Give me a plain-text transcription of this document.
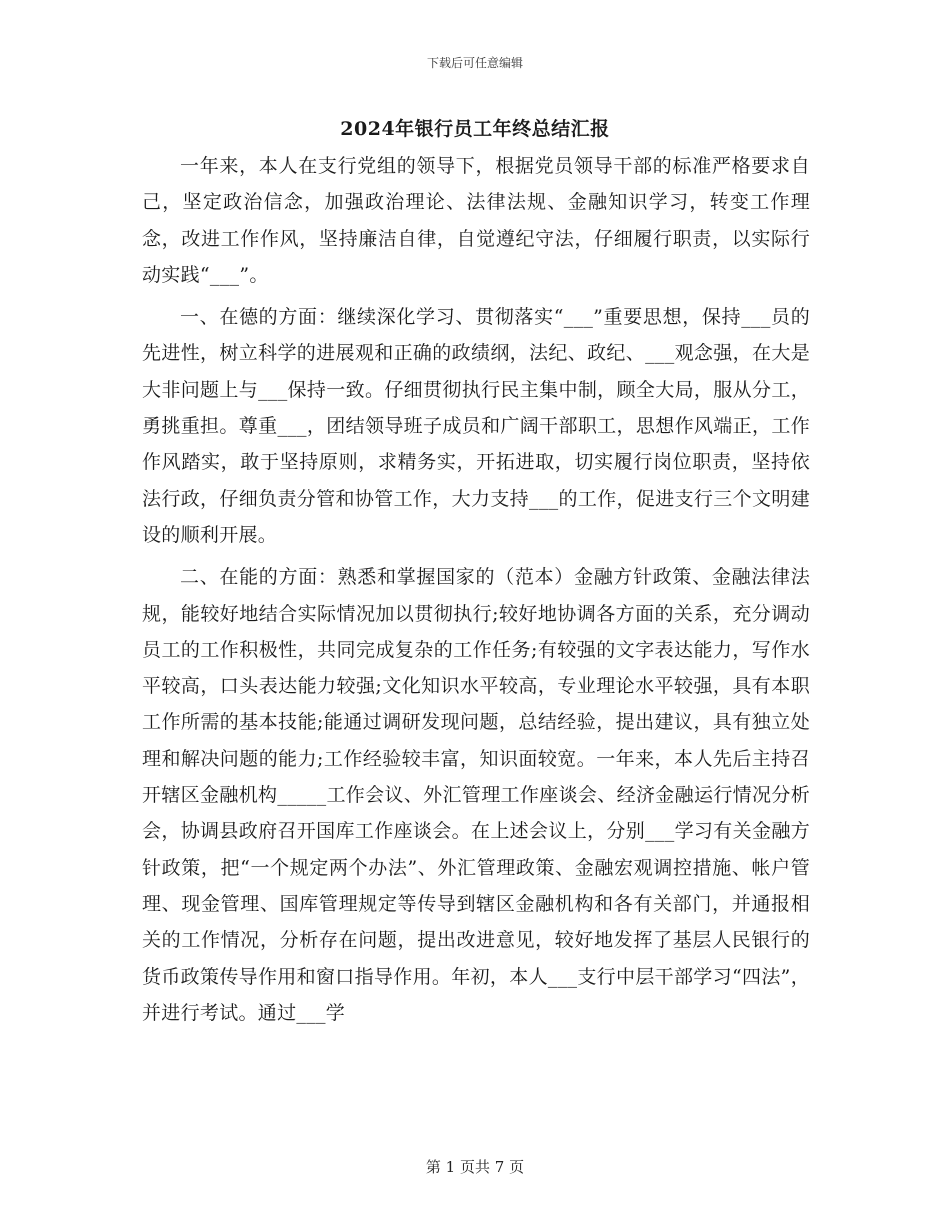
下载后可任意编辑
2024年银行员工年终总结汇报

一年来，本人在支行党组的领导下，根据党员领导干部的标准严格要求自己，坚定政治信念，加强政治理论、法律法规、金融知识学习，转变工作理念，改进工作作风，坚持廉洁自律，自觉遵纪守法，仔细履行职责，以实际行动实践“___”。

一、在德的方面：继续深化学习、贯彻落实“___”重要思想，保持___员的先进性，树立科学的进展观和正确的政绩纲，法纪、政纪、___观念强，在大是大非问题上与___保持一致。仔细贯彻执行民主集中制，顾全大局，服从分工，勇挑重担。尊重___，团结领导班子成员和广阔干部职工，思想作风端正，工作作风踏实，敢于坚持原则，求精务实，开拓进取，切实履行岗位职责，坚持依法行政，仔细负责分管和协管工作，大力支持___的工作，促进支行三个文明建设的顺利开展。

二、在能的方面：熟悉和掌握国家的（范本）金融方针政策、金融法律法规，能较好地结合实际情况加以贯彻执行;较好地协调各方面的关系，充分调动员工的工作积极性，共同完成复杂的工作任务;有较强的文字表达能力，写作水平较高，口头表达能力较强;文化知识水平较高，专业理论水平较强，具有本职工作所需的基本技能;能通过调研发现问题，总结经验，提出建议，具有独立处理和解决问题的能力;工作经验较丰富，知识面较宽。一年来，本人先后主持召开辖区金融机构_____工作会议、外汇管理工作座谈会、经济金融运行情况分析会，协调县政府召开国库工作座谈会。在上述会议上，分别___学习有关金融方针政策，把“一个规定两个办法”、外汇管理政策、金融宏观调控措施、帐户管理、现金管理、国库管理规定等传导到辖区金融机构和各有关部门，并通报相关的工作情况，分析存在问题，提出改进意见，较好地发挥了基层人民银行的货币政策传导作用和窗口指导作用。年初，本人___支行中层干部学习“四法”，并进行考试。通过___学

第 1 页共 7 页
